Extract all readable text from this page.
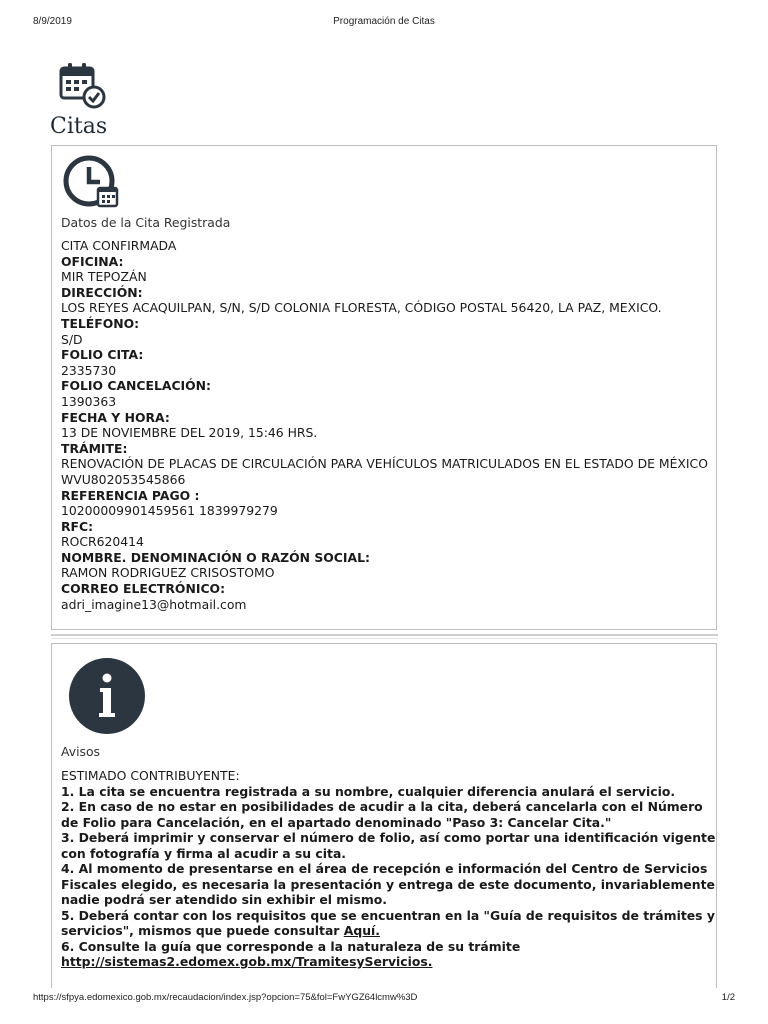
8/9/2019	Programación de Citas
Citas
Datos de la Cita Registrada
CITA CONFIRMADA
OFICINA:
MIR TEPOZÁN
DIRECCIÓN:
LOS REYES ACAQUILPAN, S/N, S/D COLONIA FLORESTA, CÓDIGO POSTAL 56420, LA PAZ, MEXICO.
TELÉFONO:
S/D
FOLIO CITA:
2335730
FOLIO CANCELACIÓN:
1390363
FECHA Y HORA:
13 DE NOVIEMBRE DEL 2019, 15:46 HRS.
TRÁMITE:
RENOVACIÓN DE PLACAS DE CIRCULACIÓN PARA VEHÍCULOS MATRICULADOS EN EL ESTADO DE MÉXICO
WVU802053545866
REFERENCIA PAGO :
10200009901459561 1839979279
RFC:
ROCR620414
NOMBRE. DENOMINACIÓN O RAZÓN SOCIAL:
RAMON RODRIGUEZ CRISOSTOMO
CORREO ELECTRÓNICO:
adri_imagine13@hotmail.com
Avisos
ESTIMADO CONTRIBUYENTE:
1. La cita se encuentra registrada a su nombre, cualquier diferencia anulará el servicio.
2. En caso de no estar en posibilidades de acudir a la cita, deberá cancelarla con el Número de Folio para Cancelación, en el apartado denominado "Paso 3: Cancelar Cita."
3. Deberá imprimir y conservar el número de folio, así como portar una identificación vigente con fotografía y firma al acudir a su cita.
4. Al momento de presentarse en el área de recepción e información del Centro de Servicios Fiscales elegido, es necesaria la presentación y entrega de este documento, invariablemente nadie podrá ser atendido sin exhibir el mismo.
5. Deberá contar con los requisitos que se encuentran en la "Guía de requisitos de trámites y servicios", mismos que puede consultar Aquí.
6. Consulte la guía que corresponde a la naturaleza de su trámite
http://sistemas2.edomex.gob.mx/TramitesyServicios.
https://sfpya.edomexico.gob.mx/recaudacion/index.jsp?opcion=75&fol=FwYGZ64lcmw%3D	1/2
